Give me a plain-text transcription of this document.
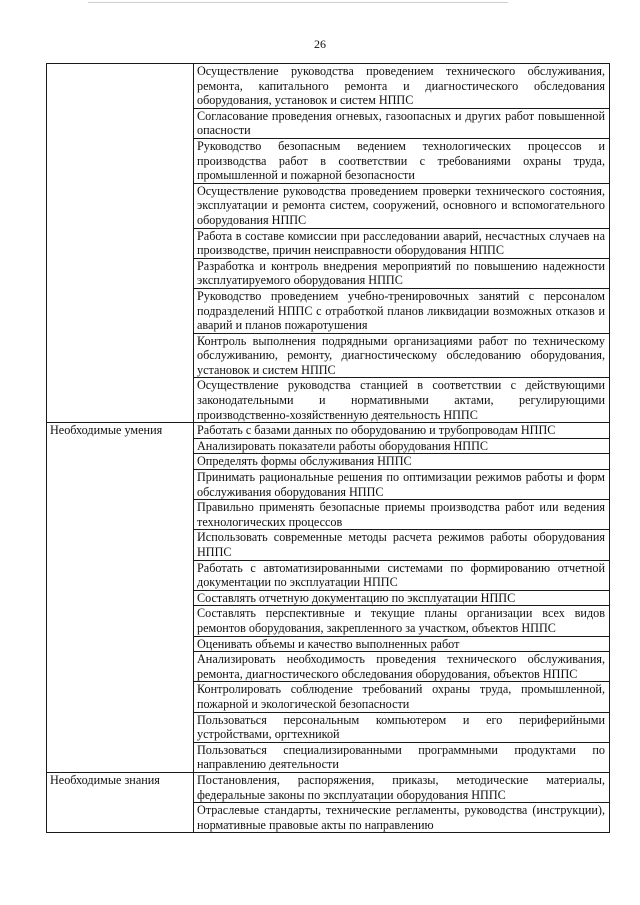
26
	Осуществление руководства проведением технического обслуживания, ремонта, капитального ремонта и диагностического обследования оборудования, установок и систем НППС
	Согласование проведения огневых, газоопасных и других работ повышенной опасности
	Руководство безопасным ведением технологических процессов и производства работ в соответствии с требованиями охраны труда, промышленной и пожарной безопасности
	Осуществление руководства проведением проверки технического состояния, эксплуатации и ремонта систем, сооружений, основного и вспомогательного оборудования НППС
	Работа в составе комиссии при расследовании аварий, несчастных случаев на производстве, причин неисправности оборудования НППС
	Разработка и контроль внедрения мероприятий по повышению надежности эксплуатируемого оборудования НППС
	Руководство проведением учебно-тренировочных занятий с персоналом подразделений НППС с отработкой планов ликвидации возможных отказов и аварий и планов пожаротушения
	Контроль выполнения подрядными организациями работ по техническому обслуживанию, ремонту, диагностическому обследованию оборудования, установок и систем НППС
	Осуществление руководства станцией в соответствии с действующими законодательными и нормативными актами, регулирующими производственно-хозяйственную деятельность НППС
Необходимые умения	Работать с базами данных по оборудованию и трубопроводам НППС
	Анализировать показатели работы оборудования НППС
	Определять формы обслуживания НППС
	Принимать рациональные решения по оптимизации режимов работы и форм обслуживания оборудования НППС
	Правильно применять безопасные приемы производства работ или ведения технологических процессов
	Использовать современные методы расчета режимов работы оборудования НППС
	Работать с автоматизированными системами по формированию отчетной документации по эксплуатации НППС
	Составлять отчетную документацию по эксплуатации НППС
	Составлять перспективные и текущие планы организации всех видов ремонтов оборудования, закрепленного за участком, объектов НППС
	Оценивать объемы и качество выполненных работ
	Анализировать необходимость проведения технического обслуживания, ремонта, диагностического обследования оборудования, объектов НППС
	Контролировать соблюдение требований охраны труда, промышленной, пожарной и экологической безопасности
	Пользоваться персональным компьютером и его периферийными устройствами, оргтехникой
	Пользоваться специализированными программными продуктами по направлению деятельности
Необходимые знания	Постановления, распоряжения, приказы, методические материалы, федеральные законы по эксплуатации оборудования НППС
	Отраслевые стандарты, технические регламенты, руководства (инструкции), нормативные правовые акты по направлению
